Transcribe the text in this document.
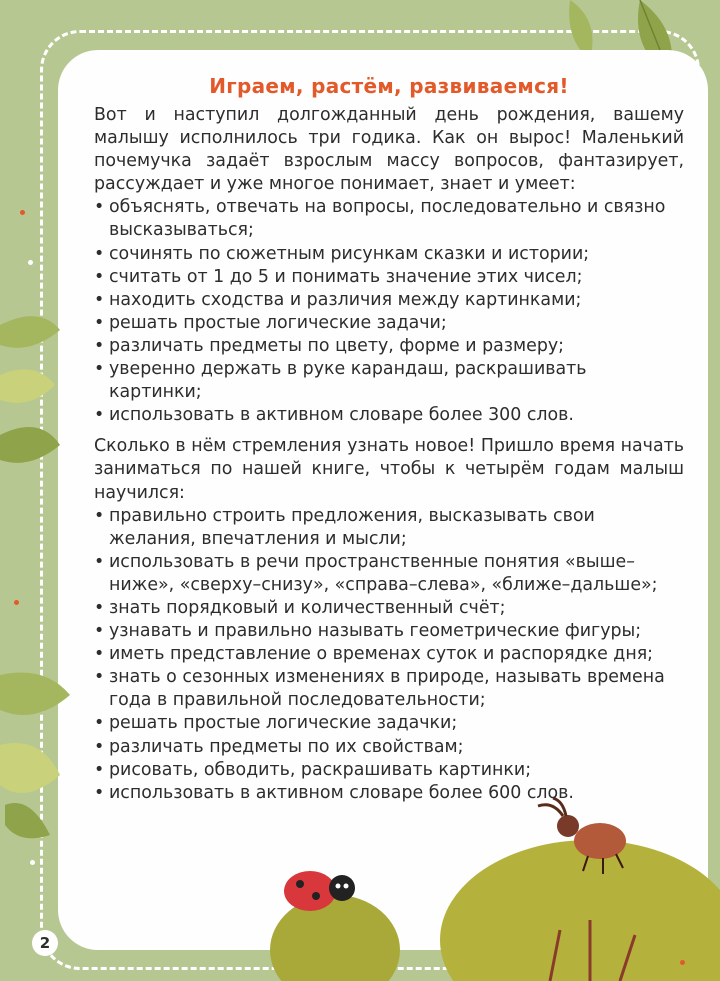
Играем, растём, развиваемся!

Вот и наступил долгожданный день рождения, вашему малышу исполнилось три годика. Как он вырос! Маленький почемучка задаёт взрослым массу вопросов, фантазирует, рассуждает и уже многое понимает, знает и умеет:

• объяснять, отвечать на вопросы, последовательно и связно высказываться;
• сочинять по сюжетным рисункам сказки и истории;
• считать от 1 до 5 и понимать значение этих чисел;
• находить сходства и различия между картинками;
• решать простые логические задачи;
• различать предметы по цвету, форме и размеру;
• уверенно держать в руке карандаш, раскрашивать картинки;
• использовать в активном словаре более 300 слов.

Сколько в нём стремления узнать новое! Пришло время начать заниматься по нашей книге, чтобы к четырём годам малыш научился:

• правильно строить предложения, высказывать свои желания, впечатления и мысли;
• использовать в речи пространственные понятия «выше–ниже», «сверху–снизу», «справа–слева», «ближе–дальше»;
• знать порядковый и количественный счёт;
• узнавать и правильно называть геометрические фигуры;
• иметь представление о временах суток и распорядке дня;
• знать о сезонных изменениях в природе, называть времена года в правильной последовательности;
• решать простые логические задачки;
• различать предметы по их свойствам;
• рисовать, обводить, раскрашивать картинки;
• использовать в активном словаре более 600 слов.
2
